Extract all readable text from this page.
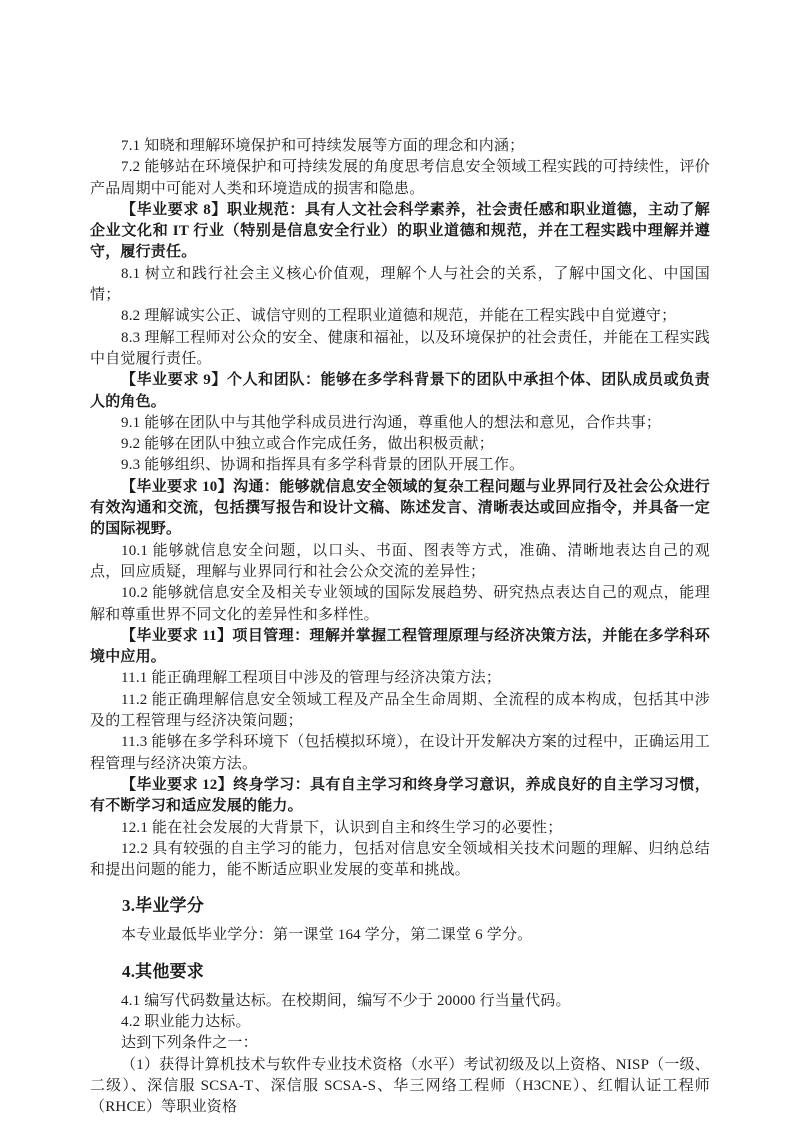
7.1 知晓和理解环境保护和可持续发展等方面的理念和内涵；

7.2 能够站在环境保护和可持续发展的角度思考信息安全领域工程实践的可持续性，评价产品周期中可能对人类和环境造成的损害和隐患。

【毕业要求 8】职业规范：具有人文社会科学素养，社会责任感和职业道德，主动了解企业文化和 IT 行业（特别是信息安全行业）的职业道德和规范，并在工程实践中理解并遵守，履行责任。

8.1 树立和践行社会主义核心价值观，理解个人与社会的关系，了解中国文化、中国国情；

8.2 理解诚实公正、诚信守则的工程职业道德和规范，并能在工程实践中自觉遵守；

8.3 理解工程师对公众的安全、健康和福祉，以及环境保护的社会责任，并能在工程实践中自觉履行责任。

【毕业要求 9】个人和团队：能够在多学科背景下的团队中承担个体、团队成员或负责人的角色。

9.1 能够在团队中与其他学科成员进行沟通，尊重他人的想法和意见，合作共事；

9.2 能够在团队中独立或合作完成任务，做出积极贡献；

9.3 能够组织、协调和指挥具有多学科背景的团队开展工作。

【毕业要求 10】沟通：能够就信息安全领域的复杂工程问题与业界同行及社会公众进行有效沟通和交流，包括撰写报告和设计文稿、陈述发言、清晰表达或回应指令，并具备一定的国际视野。

10.1 能够就信息安全问题，以口头、书面、图表等方式，准确、清晰地表达自己的观点，回应质疑，理解与业界同行和社会公众交流的差异性；

10.2 能够就信息安全及相关专业领域的国际发展趋势、研究热点表达自己的观点，能理解和尊重世界不同文化的差异性和多样性。

【毕业要求 11】项目管理：理解并掌握工程管理原理与经济决策方法，并能在多学科环境中应用。

11.1 能正确理解工程项目中涉及的管理与经济决策方法；

11.2 能正确理解信息安全领域工程及产品全生命周期、全流程的成本构成，包括其中涉及的工程管理与经济决策问题；

11.3 能够在多学科环境下（包括模拟环境），在设计开发解决方案的过程中，正确运用工程管理与经济决策方法。

【毕业要求 12】终身学习：具有自主学习和终身学习意识，养成良好的自主学习习惯，有不断学习和适应发展的能力。

12.1 能在社会发展的大背景下，认识到自主和终生学习的必要性；

12.2 具有较强的自主学习的能力，包括对信息安全领域相关技术问题的理解、归纳总结和提出问题的能力，能不断适应职业发展的变革和挑战。

3.毕业学分

本专业最低毕业学分：第一课堂 164 学分，第二课堂 6 学分。

4.其他要求

4.1 编写代码数量达标。在校期间，编写不少于 20000 行当量代码。

4.2 职业能力达标。

达到下列条件之一：

（1）获得计算机技术与软件专业技术资格（水平）考试初级及以上资格、NISP（一级、二级）、深信服 SCSA-T、深信服 SCSA-S、华三网络工程师（H3CNE）、红帽认证工程师（RHCE）等职业资格
